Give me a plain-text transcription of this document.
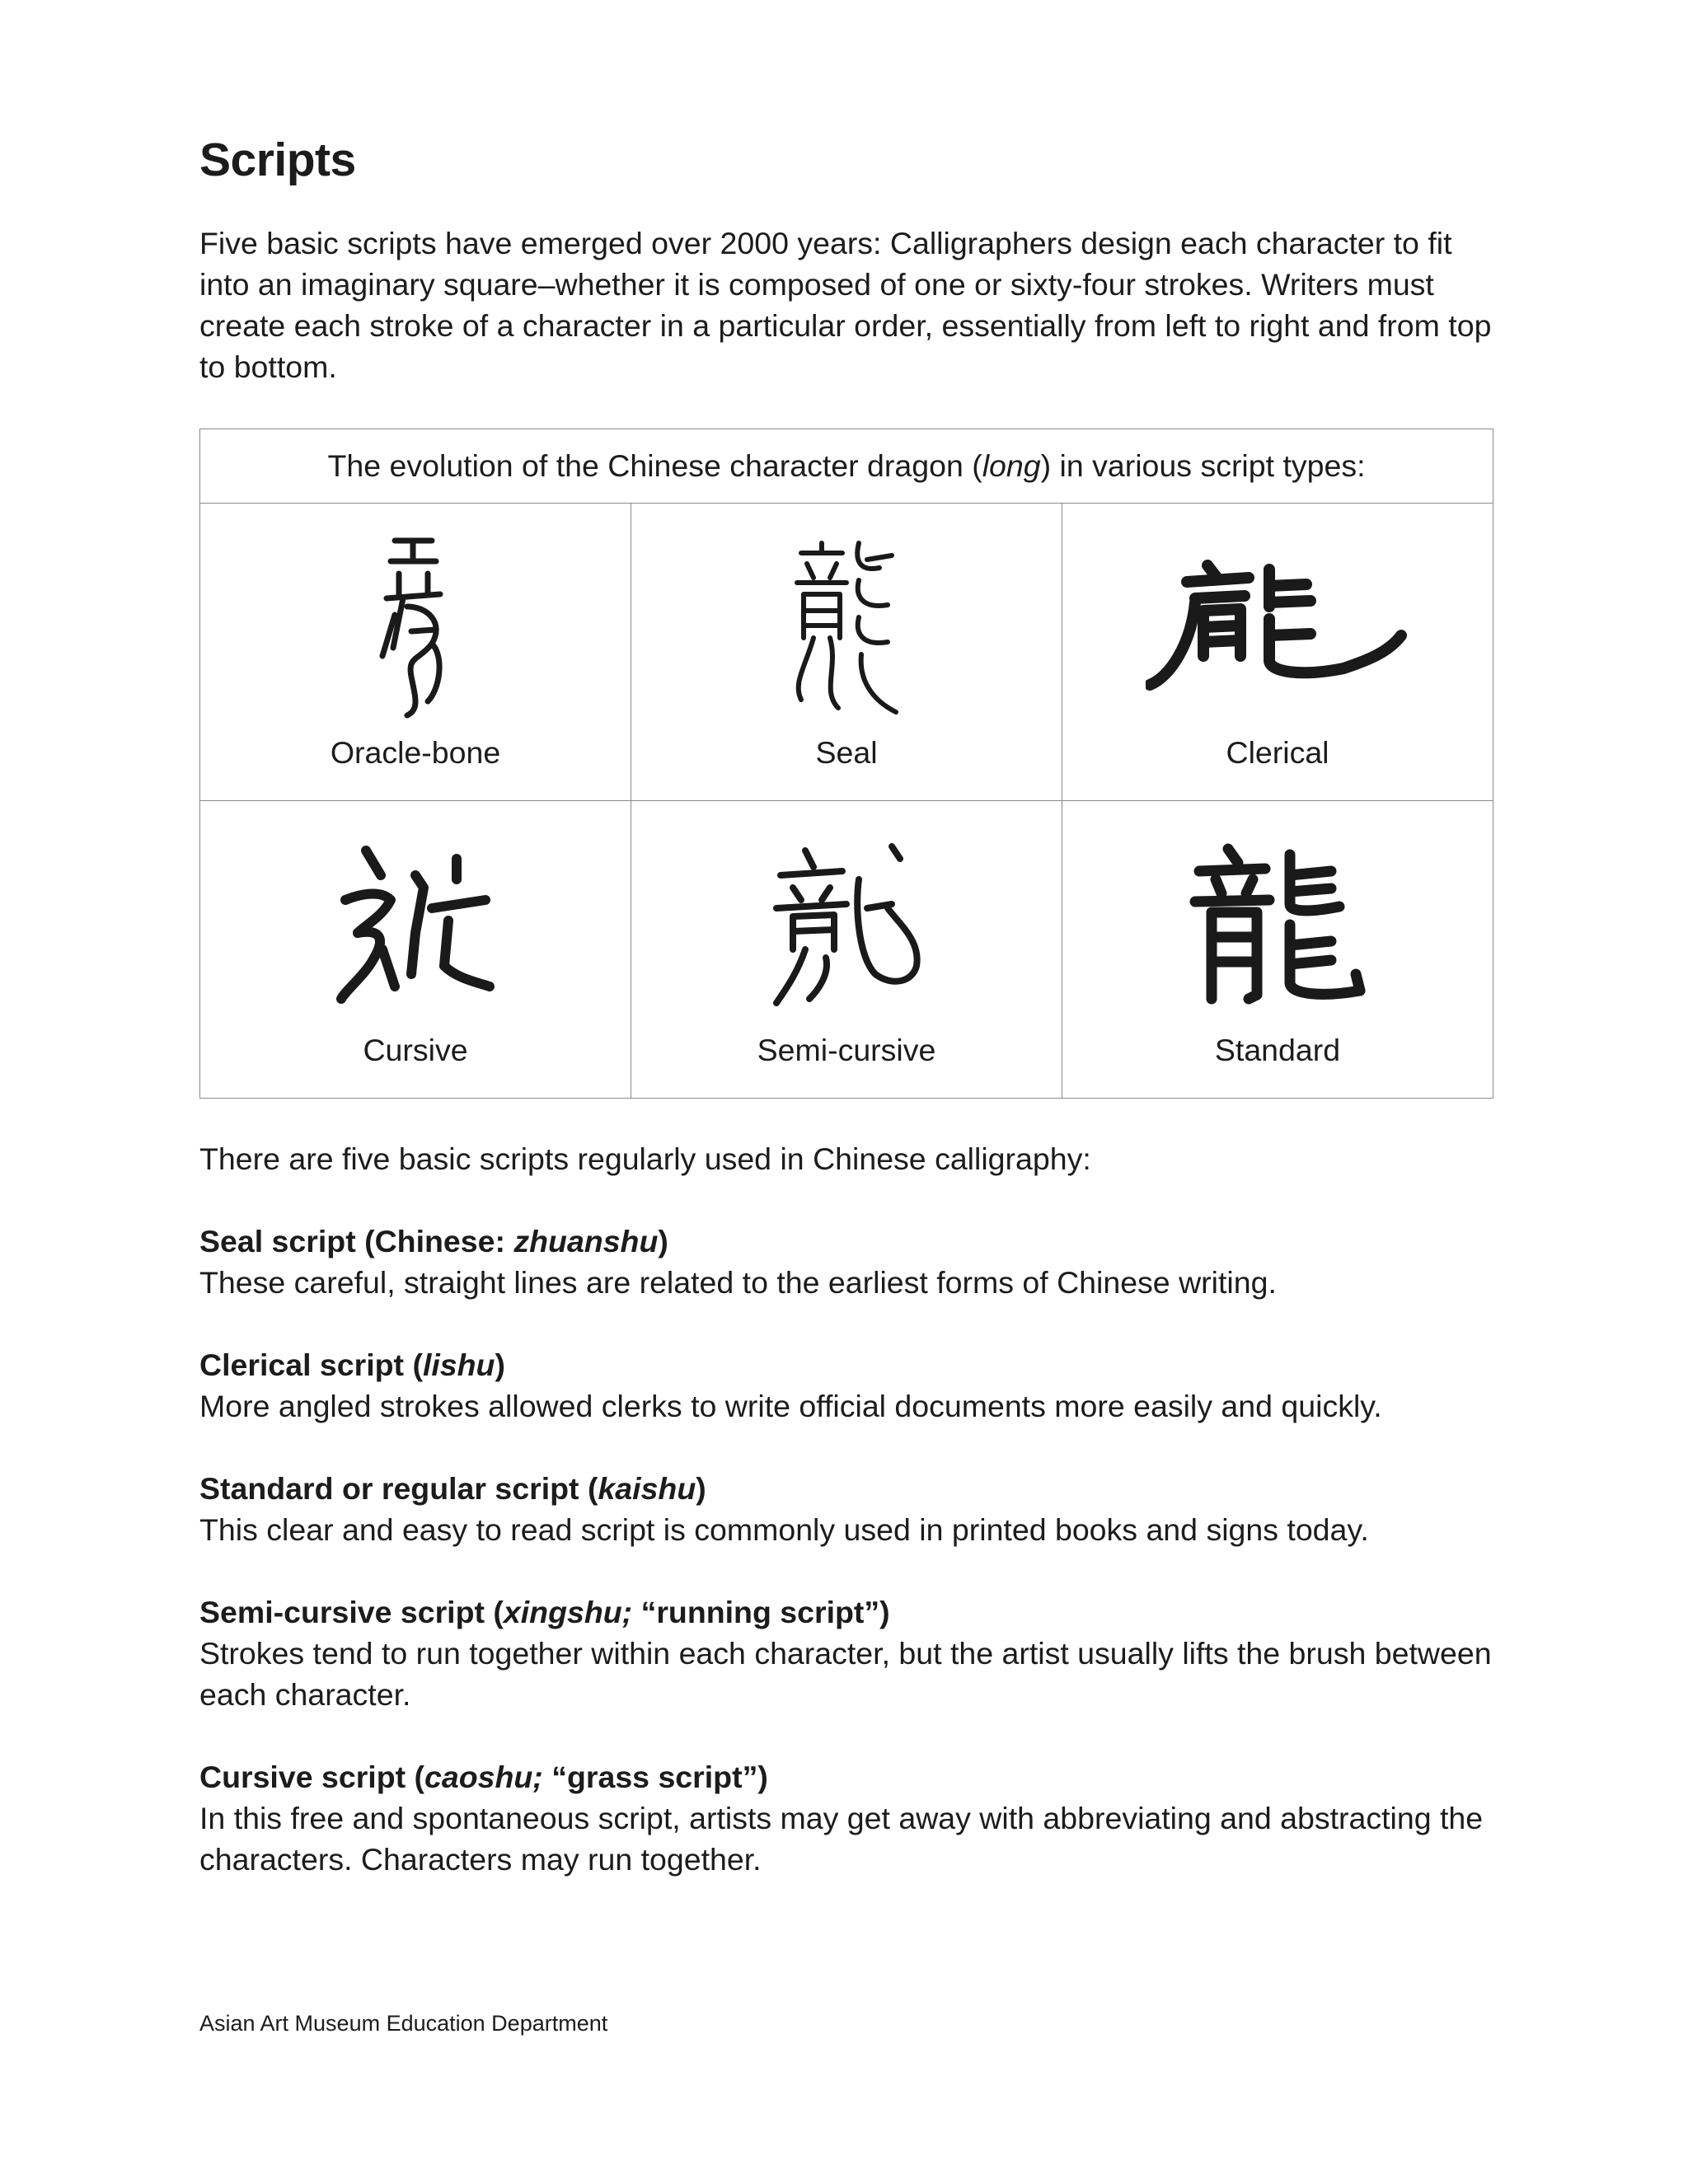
Scripts

Five basic scripts have emerged over 2000 years: Calligraphers design each character to fit into an imaginary square–whether it is composed of one or sixty-four strokes. Writers must create each stroke of a character in a particular order, essentially from left to right and from top to bottom.

The evolution of the Chinese character dragon (long) in various script types:		

Oracle-bone	Seal	Clerical

Cursive	Semi-cursive	Standard

There are five basic scripts regularly used in Chinese calligraphy:

Seal script (Chinese: zhuanshu)
These careful, straight lines are related to the earliest forms of Chinese writing.
Clerical script (lishu)
More angled strokes allowed clerks to write official documents more easily and quickly.
Standard or regular script (kaishu)
This clear and easy to read script is commonly used in printed books and signs today.
Semi-cursive script (xingshu; “running script”)
Strokes tend to run together within each character, but the artist usually lifts the brush between each character.
Cursive script (caoshu; “grass script”)
In this free and spontaneous script, artists may get away with abbreviating and abstracting the characters. Characters may run together.
Asian Art Museum Education Department
